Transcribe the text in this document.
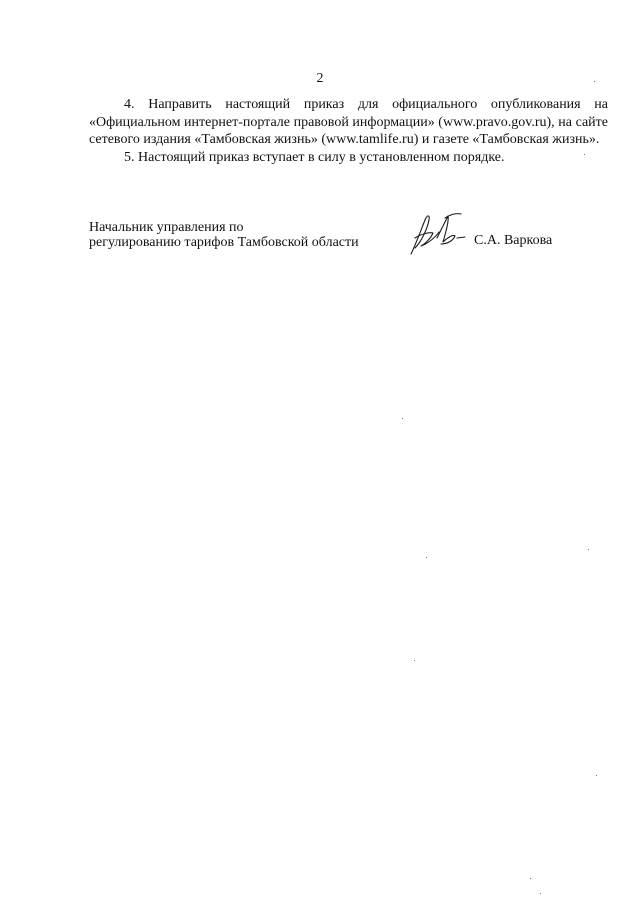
2

4. Направить настоящий приказ для официального опубликования на «Официальном интернет-портале правовой информации» (www.pravo.gov.ru), на сайте сетевого издания «Тамбовская жизнь» (www.tamlife.ru) и газете «Тамбовская жизнь».

5. Настоящий приказ вступает в силу в установленном порядке.

Начальник управления по
регулированию тарифов Тамбовской области	С.А. Варкова
